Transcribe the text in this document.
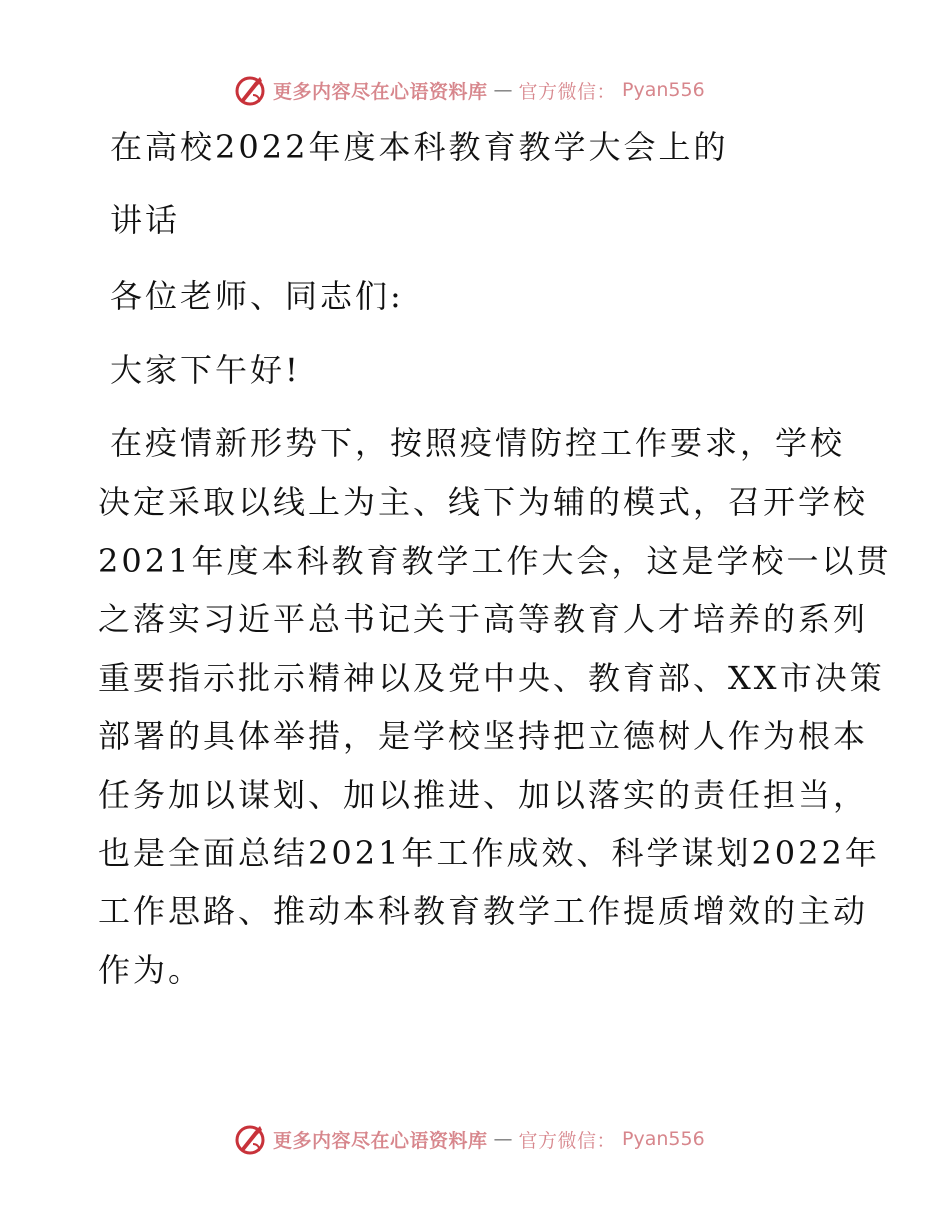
更多内容尽在心语资料库 — 官方微信： Pyan556

在高校2022年度本科教育教学大会上的

讲话

各位老师、同志们:

大家下午好!

在疫情新形势下，按照疫情防控工作要求，学校

决定采取以线上为主、线下为辅的模式，召开学校

2021年度本科教育教学工作大会，这是学校一以贯

之落实习近平总书记关于高等教育人才培养的系列

重要指示批示精神以及党中央、教育部、XX市决策

部署的具体举措，是学校坚持把立德树人作为根本

任务加以谋划、加以推进、加以落实的责任担当，

也是全面总结2021年工作成效、科学谋划2022年

工作思路、推动本科教育教学工作提质增效的主动

作为。

更多内容尽在心语资料库 — 官方微信： Pyan556
